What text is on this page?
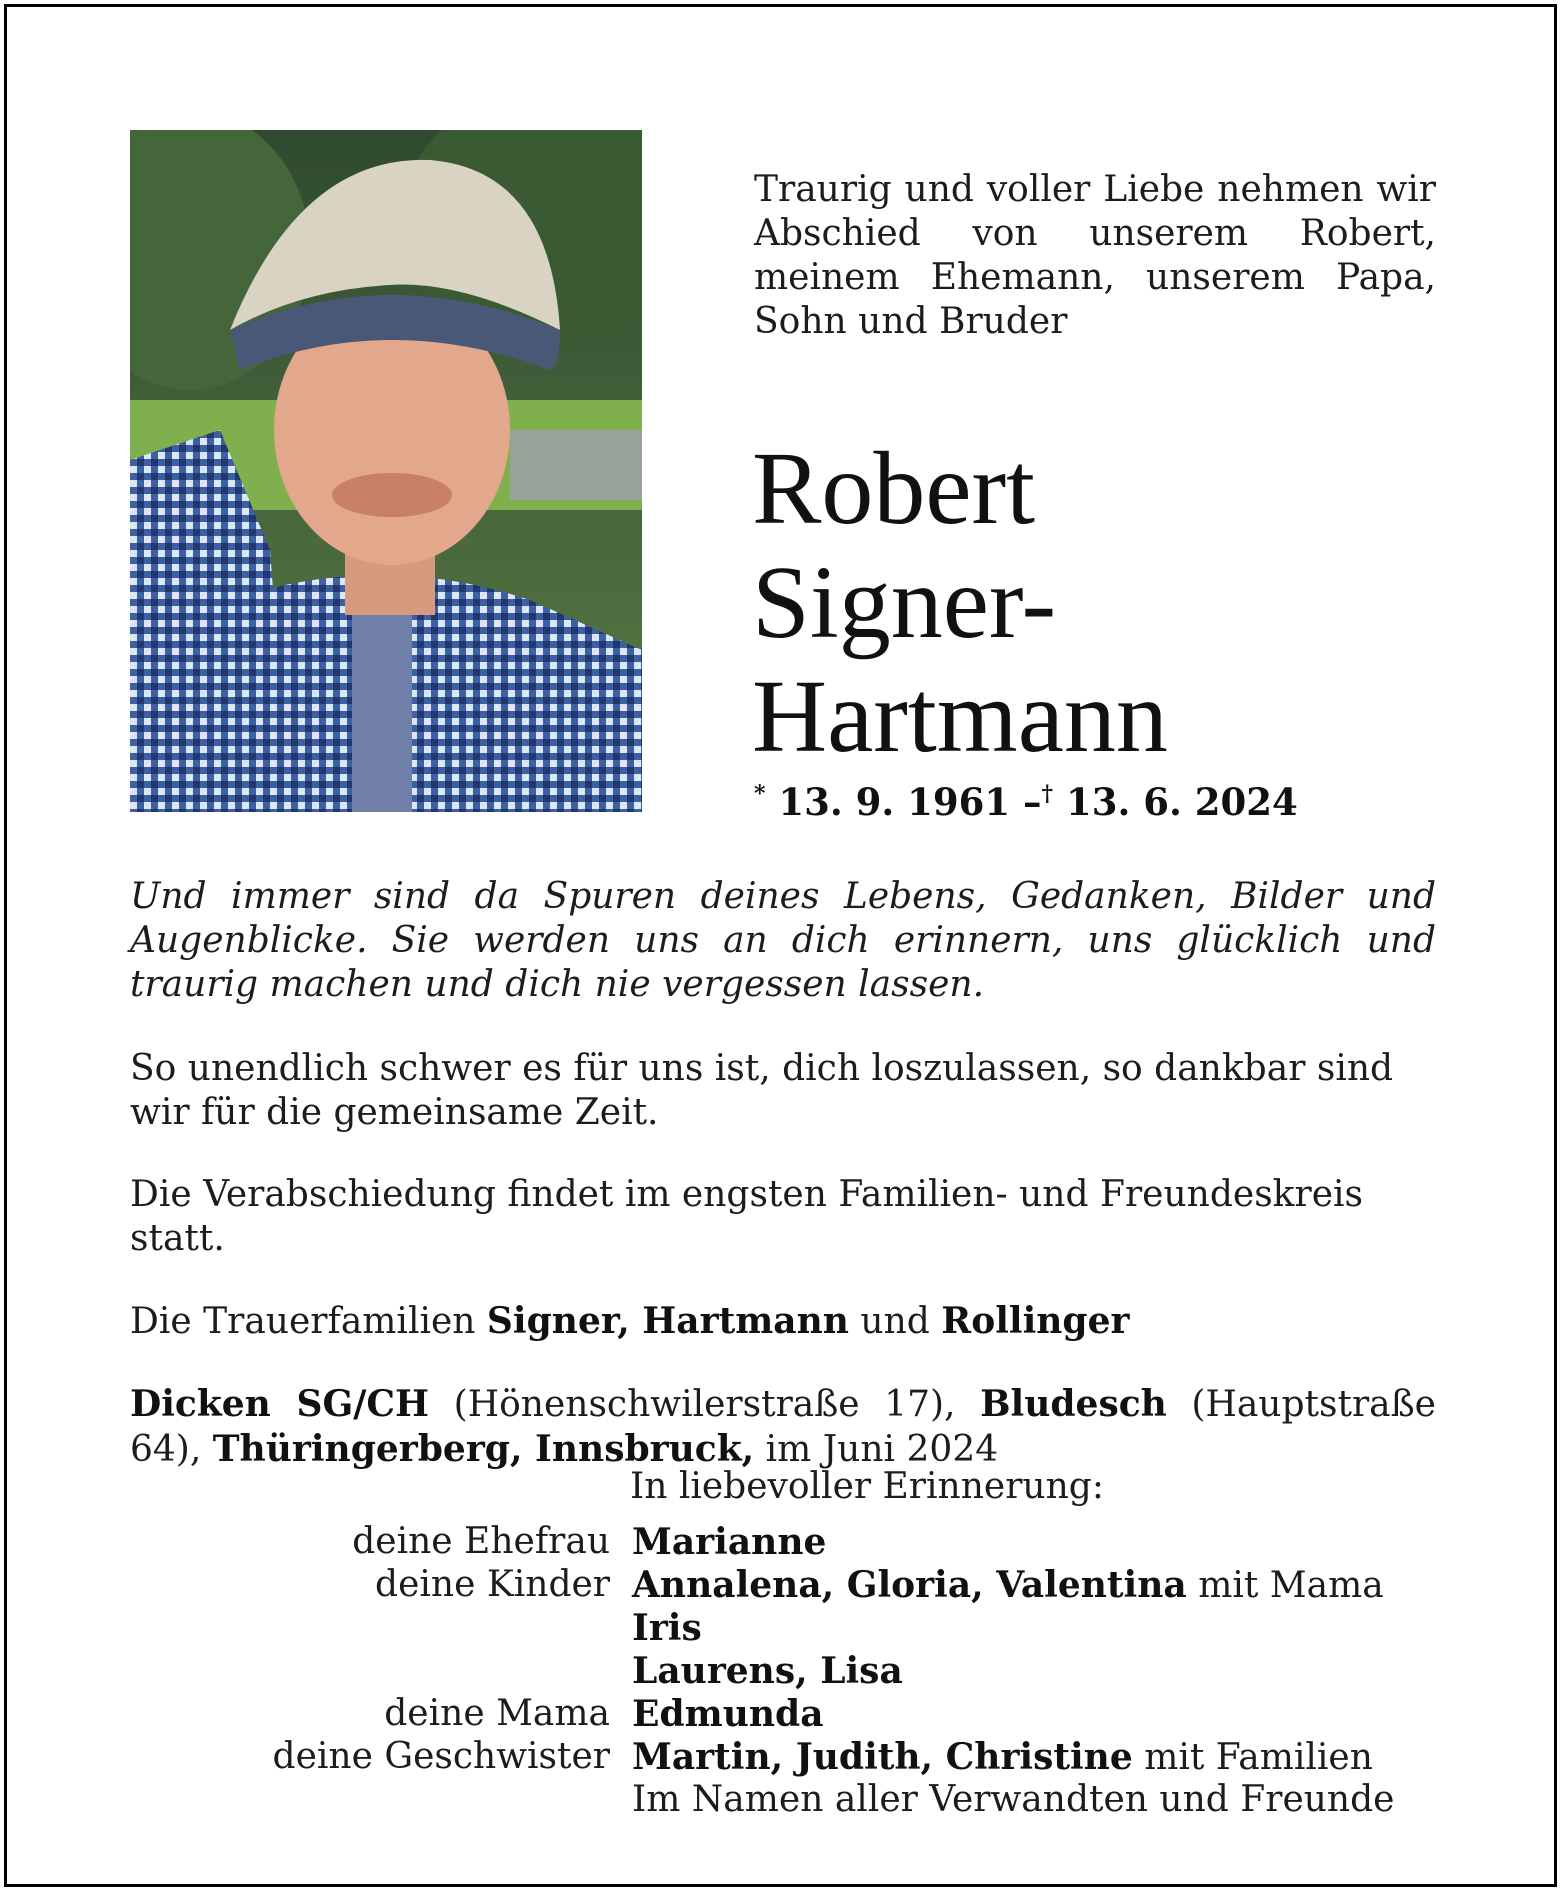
Traurig und voller Liebe nehmen wir Abschied von unserem Robert, meinem Ehemann, unserem Papa, Sohn und Bruder
Robert
Signer-
Hartmann
* 13. 9. 1961 –† 13. 6. 2024

Und immer sind da Spuren deines Lebens, Gedanken, Bilder und Augenblicke. Sie werden uns an dich erinnern, uns glücklich und traurig machen und dich nie vergessen lassen.

So unendlich schwer es für uns ist, dich loszulassen, so dankbar sind wir für die gemeinsame Zeit.

Die Verabschiedung findet im engsten Familien- und Freundeskreis statt.

Die Trauerfamilien Signer, Hartmann und Rollinger

Dicken SG/CH (Hönenschwilerstraße 17), Bludesch (Hauptstraße 64), Thüringerberg, Innsbruck, im Juni 2024

In liebevoller Erinnerung:
deine Ehefrau Marianne
deine Kinder Annalena, Gloria, Valentina mit Mama Iris
Laurens, Lisa
deine Mama Edmunda
deine Geschwister Martin, Judith, Christine mit Familien
Im Namen aller Verwandten und Freunde
